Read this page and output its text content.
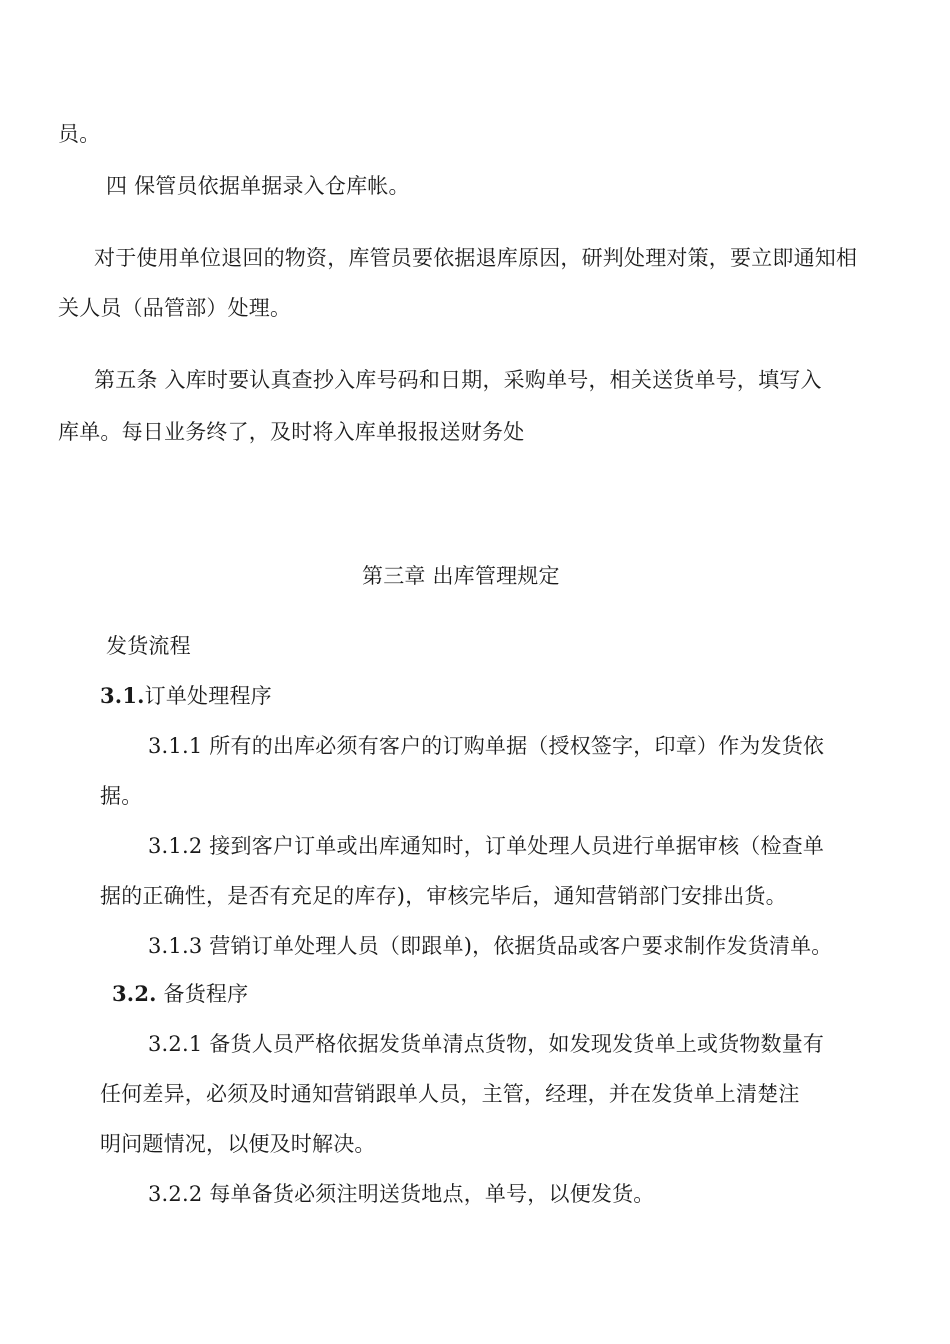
员。
四 保管员依据单据录入仓库帐。
对于使用单位退回的物资，库管员要依据退库原因，研判处理对策，要立即通知相
关人员（品管部）处理。
第五条 入库时要认真查抄入库号码和日期，采购单号，相关送货单号，填写入
库单。每日业务终了，及时将入库单报报送财务处
第三章 出库管理规定
发货流程
3.1.订单处理程序
3.1.1 所有的出库必须有客户的订购单据（授权签字，印章）作为发货依
据。
3.1.2 接到客户订单或出库通知时，订单处理人员进行单据审核（检查单
据的正确性，是否有充足的库存)，审核完毕后，通知营销部门安排出货。
3.1.3 营销订单处理人员（即跟单)，依据货品或客户要求制作发货清单。
3.2. 备货程序
3.2.1 备货人员严格依据发货单清点货物，如发现发货单上或货物数量有
任何差异，必须及时通知营销跟单人员，主管，经理，并在发货单上清楚注
明问题情况，以便及时解决。
3.2.2 每单备货必须注明送货地点，单号，以便发货。
